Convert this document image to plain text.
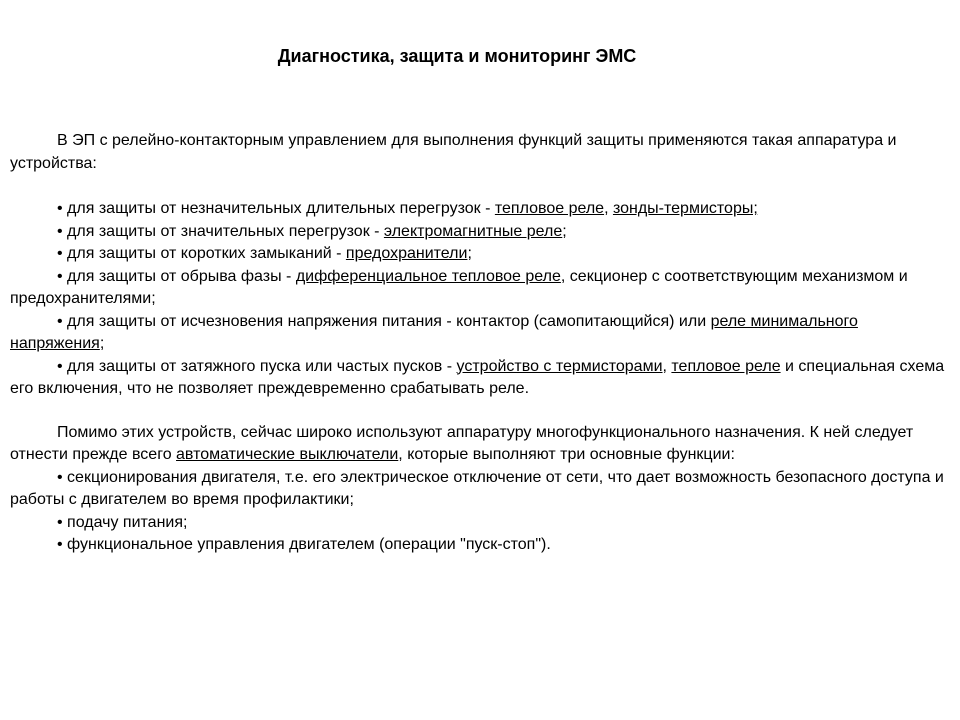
Диагностика, защита и мониторинг ЭМС

В ЭП с релейно-контакторным управлением для выполнения функций защиты применяются такая аппаратура и устройства:

• для защиты от незначительных длительных перегрузок - тепловое реле, зонды-термисторы;

• для защиты от значительных перегрузок - электромагнитные реле;

• для защиты от коротких замыканий - предохранители;

• для защиты от обрыва фазы - дифференциальное тепловое реле, секционер с соответствующим механизмом и предохранителями;

• для защиты от исчезновения напряжения питания - контактор (самопитающийся) или реле минимального напряжения;

• для защиты от затяжного пуска или частых пусков - устройство с термисторами, тепловое реле и специальная схема его включения, что не позволяет преждевременно срабатывать реле.

Помимо этих устройств, сейчас широко используют аппаратуру многофункционального назначения. К ней следует отнести прежде всего автоматические выключатели, которые выполняют три основные функции:

• секционирования двигателя, т.е. его электрическое отключение от сети, что дает возможность безопасного доступа и работы с двигателем во время профилактики;

• подачу питания;

• функциональное управления двигателем (операции "пуск-стоп").
